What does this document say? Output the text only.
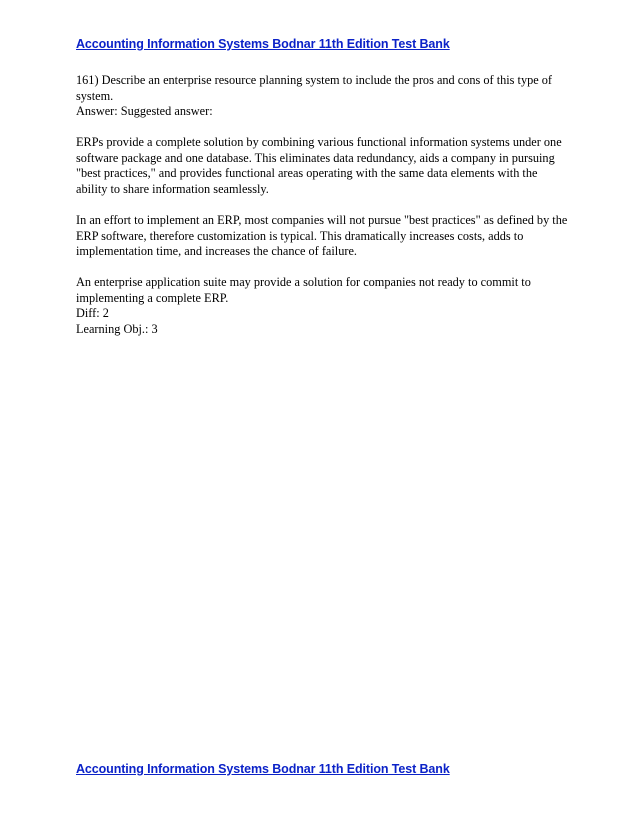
Accounting Information Systems Bodnar 11th Edition Test Bank

161) Describe an enterprise resource planning system to include the pros and cons of this type of system.

Answer: Suggested answer:

ERPs provide a complete solution by combining various functional information systems under one software package and one database. This eliminates data redundancy, aids a company in pursuing "best practices," and provides functional areas operating with the same data elements with the ability to share information seamlessly.

In an effort to implement an ERP, most companies will not pursue "best practices" as defined by the ERP software, therefore customization is typical. This dramatically increases costs, adds to implementation time, and increases the chance of failure.

An enterprise application suite may provide a solution for companies not ready to commit to implementing a complete ERP.

Diff: 2

Learning Obj.: 3

Accounting Information Systems Bodnar 11th Edition Test Bank
